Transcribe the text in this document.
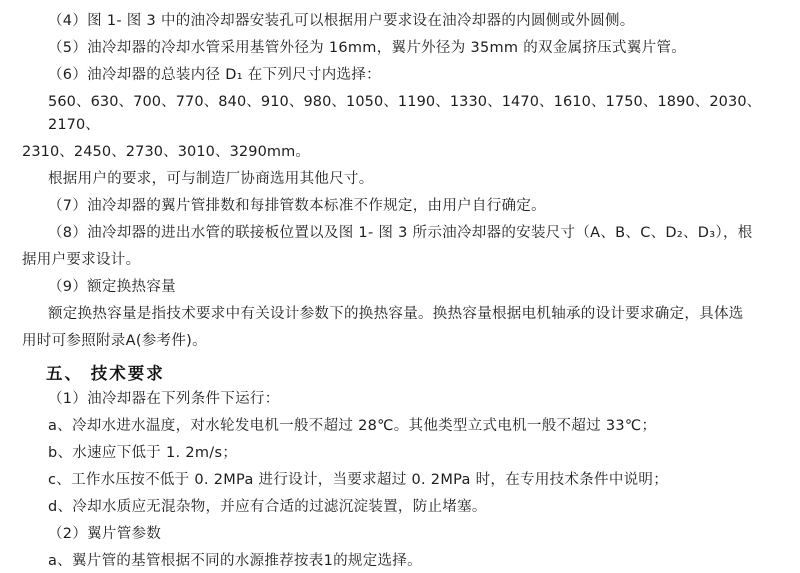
（4）图 1- 图 3 中的油冷却器安装孔可以根据用户要求设在油冷却器的内圆侧或外圆侧。

（5）油冷却器的冷却水管采用基管外径为 16mm，翼片外径为 35mm 的双金属挤压式翼片管。

（6）油冷却器的总装内径 D₁ 在下列尺寸内选择：

560、630、700、770、840、910、980、1050、1190、1330、1470、1610、1750、1890、2030、2170、

2310、2450、2730、3010、3290mm。

根据用户的要求，可与制造厂协商选用其他尺寸。

（7）油冷却器的翼片管排数和每排管数本标准不作规定，由用户自行确定。

（8）油冷却器的进出水管的联接板位置以及图 1- 图 3 所示油冷却器的安装尺寸（A、B、C、D₂、D₃），根

据用户要求设计。

（9）额定换热容量

额定换热容量是指技术要求中有关设计参数下的换热容量。换热容量根据电机轴承的设计要求确定，具体选

用时可参照附录A(参考件)。

五、 技术要求

（1）油冷却器在下列条件下运行：

a、冷却水进水温度，对水轮发电机一般不超过 28℃。其他类型立式电机一般不超过 33℃；

b、水速应下低于 1. 2m/s；

c、工作水压按不低于 0. 2MPa 进行设计，当要求超过 0. 2MPa 时，在专用技术条件中说明；

d、冷却水质应无混杂物，并应有合适的过滤沉淀装置，防止堵塞。

（2）翼片管参数

a、翼片管的基管根据不同的水源推荐按表1的规定选择。
